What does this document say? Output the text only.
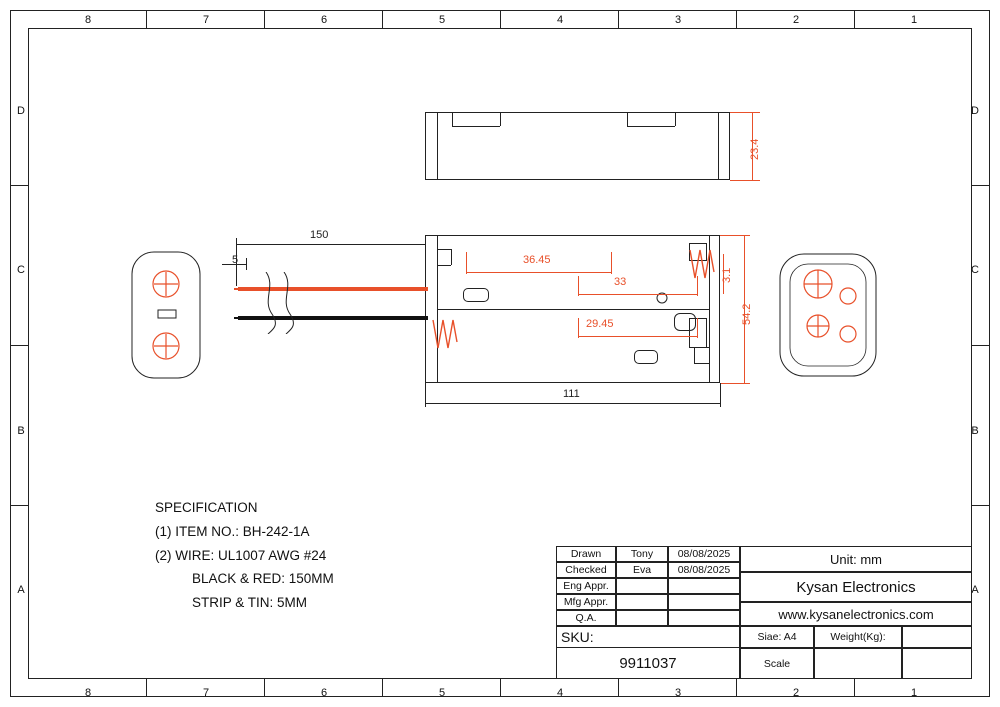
8	7	6	5	4	3	2	1
8	7	6	5	4	3	2	1
D
C
B
A
D
C
B
A
23.4
36.45
33
29.45
3.1
54.2
111
150
5
SPECIFICATION
(1) ITEM NO.: BH-242-1A
(2) WIRE: UL1007 AWG #24
BLACK & RED: 150MM
STRIP & TIN: 5MM
Drawn	Tony	08/08/2025
Checked	Eva	08/08/2025
Eng Appr.
Mfg Appr.
Q.A.
Unit: mm
Kysan Electronics
www.kysanelectronics.com
SKU:
9911037
Siae: A4	Weight(Kg):
Scale
